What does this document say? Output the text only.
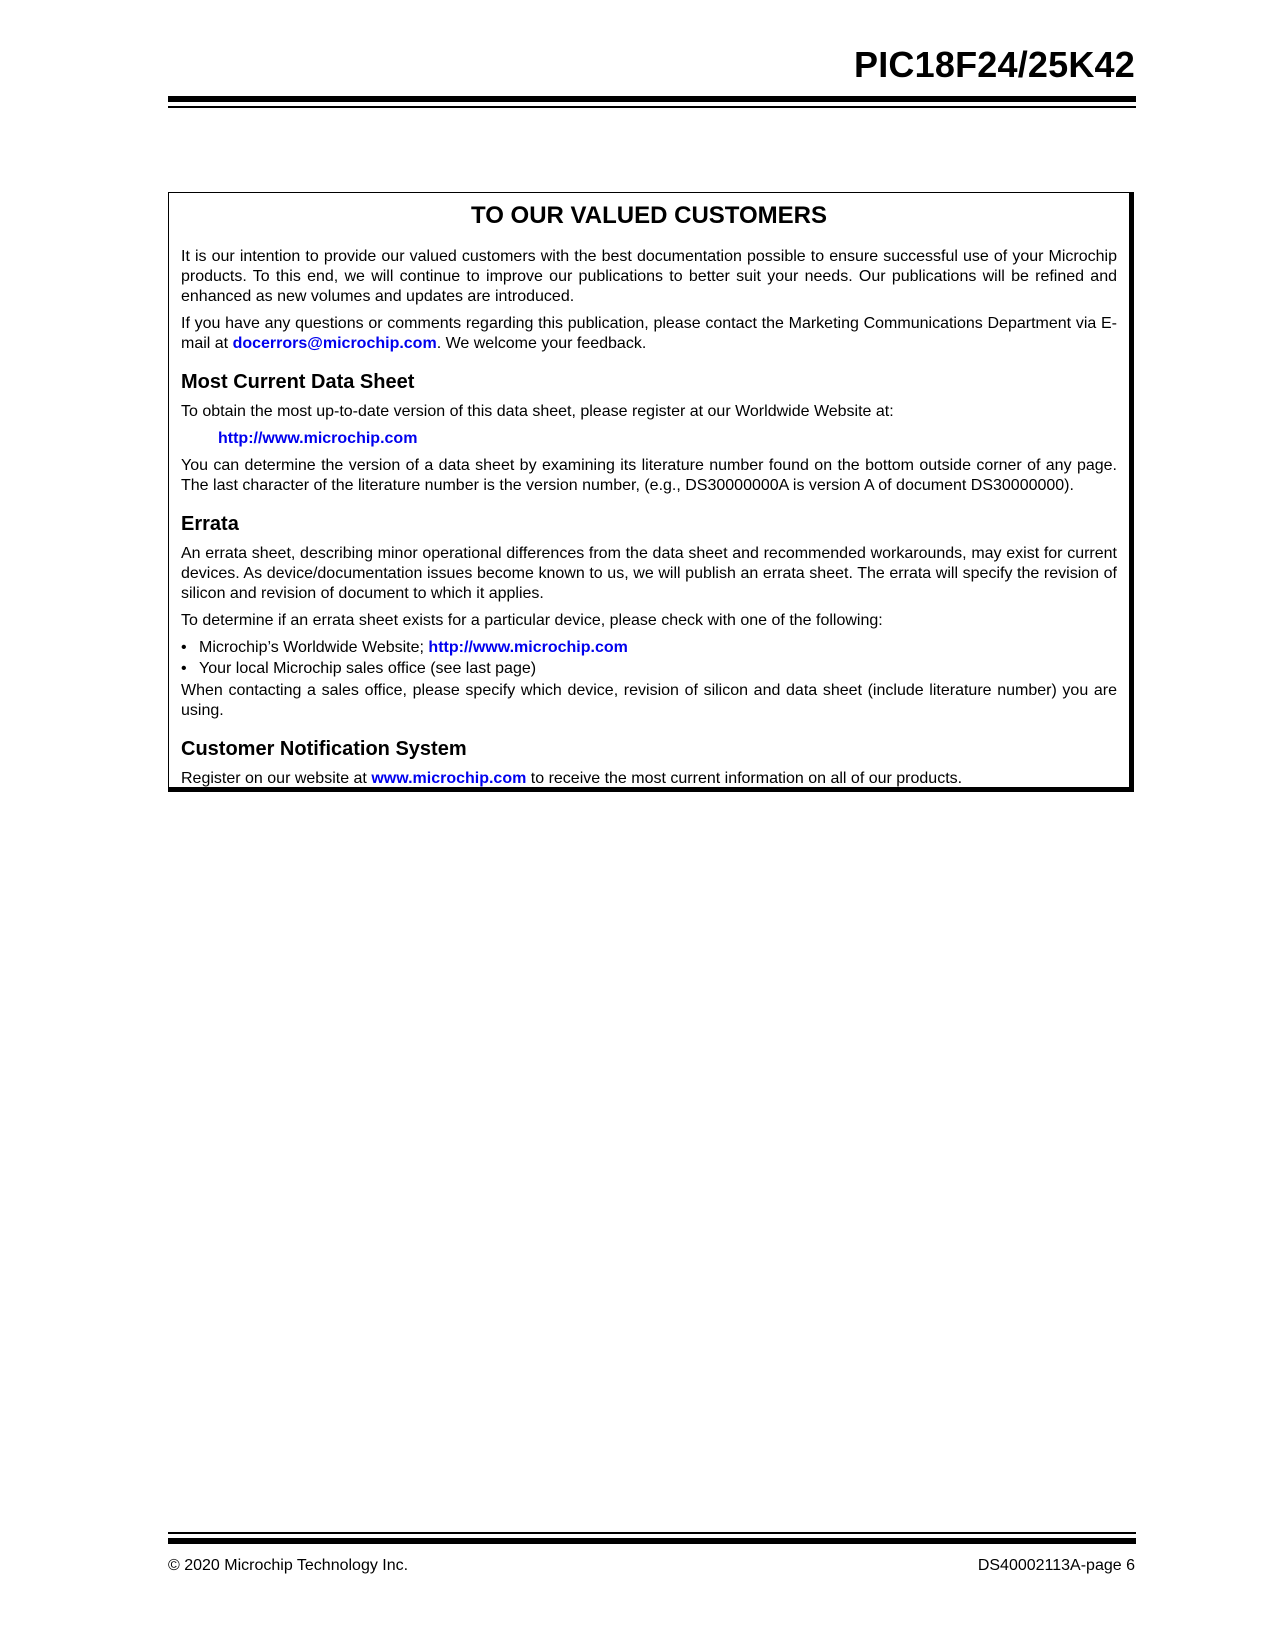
PIC18F24/25K42
TO OUR VALUED CUSTOMERS

It is our intention to provide our valued customers with the best documentation possible to ensure successful use of your Microchip products. To this end, we will continue to improve our publications to better suit your needs. Our publications will be refined and enhanced as new volumes and updates are introduced.

If you have any questions or comments regarding this publication, please contact the Marketing Communications Department via E-mail at docerrors@microchip.com. We welcome your feedback.

Most Current Data Sheet

To obtain the most up-to-date version of this data sheet, please register at our Worldwide Website at:

http://www.microchip.com

You can determine the version of a data sheet by examining its literature number found on the bottom outside corner of any page. The last character of the literature number is the version number, (e.g., DS30000000A is version A of document DS30000000).

Errata

An errata sheet, describing minor operational differences from the data sheet and recommended workarounds, may exist for current devices. As device/documentation issues become known to us, we will publish an errata sheet. The errata will specify the revision of silicon and revision of document to which it applies.

To determine if an errata sheet exists for a particular device, please check with one of the following:

• Microchip’s Worldwide Website; http://www.microchip.com
• Your local Microchip sales office (see last page)

When contacting a sales office, please specify which device, revision of silicon and data sheet (include literature number) you are using.

Customer Notification System

Register on our website at www.microchip.com to receive the most current information on all of our products.

© 2020 Microchip Technology Inc.	DS40002113A-page 6
